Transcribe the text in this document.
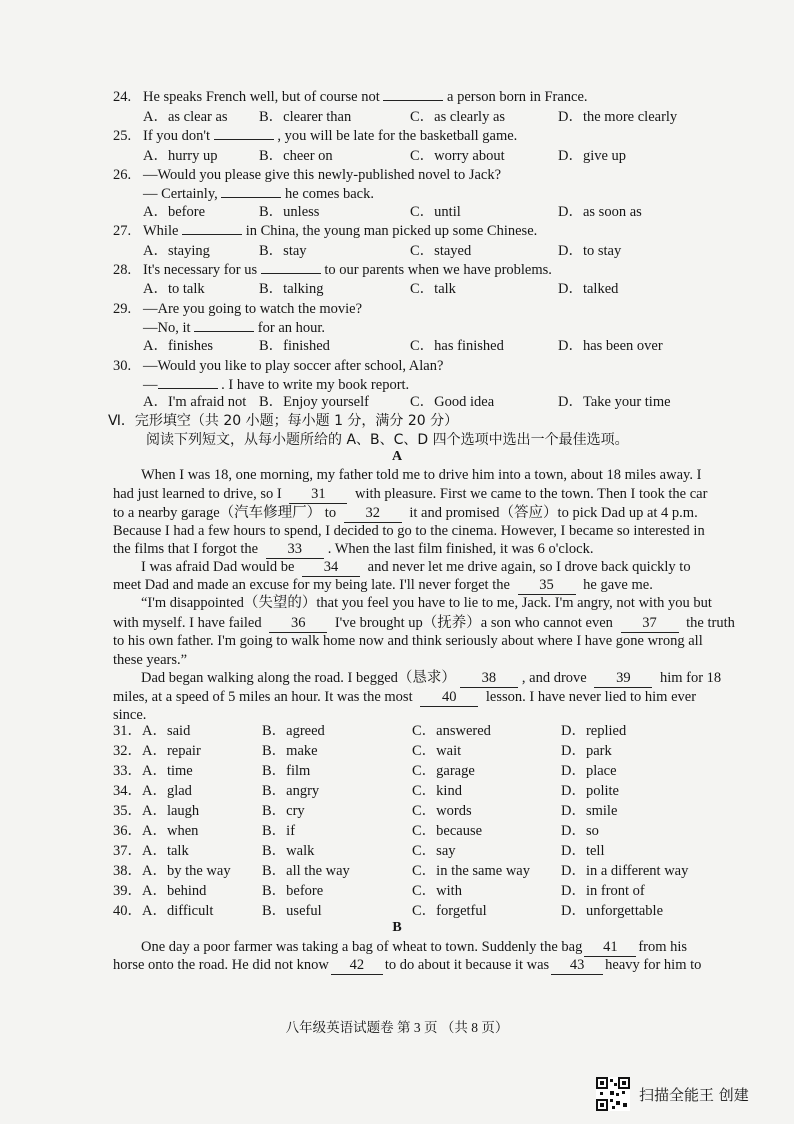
24. He speaks French well, but of course not	a person born in France.
A．as clear as B．clearer than	C．as clearly as	D．the more clearly
25. If you don't	, you will be late for the basketball game.
A．hurry up	B．cheer on	C．worry about	D．give up
26. —Would you please give this newly-published novel to Jack?
— Certainly,	he comes back.
A．before	B．unless	C．until	D．as soon as
27. While	in China, the young man picked up some Chinese.
A．staying	B．stay	C．stayed	D．to stay
28. It's necessary for us	to our parents when we have problems.
A．to talk	B．talking	C．talk	D．talked
29. —Are you going to watch the movie?
—No, it	for an hour.
A．finishes	B．finished	C．has finished	D．has been over
30. —Would you like to play soccer after school, Alan?
—	. I have to write my book report.
A．I'm afraid not B．Enjoy yourself	C．Good idea	D．Take your time
When I was 18, one morning, my father told me to drive him into a town, about 18 miles away. I
had just learned to drive, so I 31 with pleasure. First we came to the town. Then I took the car
to a nearby garage（汽车修理厂） to 32 it and promised（答应）to pick Dad up at 4 p.m.
Because I had a few hours to spend, I decided to go to the cinema. However, I became so interested in
the films that I forgot the 33 . When the last film finished, it was 6 o'clock.
I was afraid Dad would be 34 and never let me drive again, so I drove back quickly to
meet Dad and made an excuse for my being late. I'll never forget the 35 he gave me.
“I'm disappointed（失望的）that you feel you have to lie to me, Jack. I'm angry, not with you but
with myself. I have failed 36 I've brought up（抚养）a son who cannot even 37 the truth
to his own father. I'm going to walk home now and think seriously about where I have gone wrong all
these years.”
Dad began walking along the road. I begged（恳求） 38 , and drove 39 him for 18
miles, at a speed of 5 miles an hour. It was the most 40 lesson. I have never lied to him ever
since.
31．A．said	B．agreed	C．answered	D．replied
32．A．repair	B．make	C．wait	D．park
33．A．time	B．film	C．garage	D．place
34．A．glad	B．angry	C．kind	D．polite
35．A．laugh	B．cry	C．words	D．smile
36．A．when	B．if	C．because	D．so
37．A．talk	B．walk	C．say	D．tell
38．A．by the way B．all the way	C．in the same way D．in a different way
39．A．behind	B．before	C．with	D．in front of
40．A．difficult	B．useful	C．forgetful	D．unforgettable
One day a poor farmer was taking a bag of wheat to town. Suddenly the bag 41 from his
horse onto the road. He did not know 42 to do about it because it was 43 heavy for him to
A
B
Ⅵ．完形填空（共 20 小题；每小题 1 分，满分 20 分）
阅读下列短文，从每小题所给的 A、B、C、D 四个选项中选出一个最佳选项。
八年级英语试题卷 第 3 页 （共 8 页）
扫描全能王 创建
